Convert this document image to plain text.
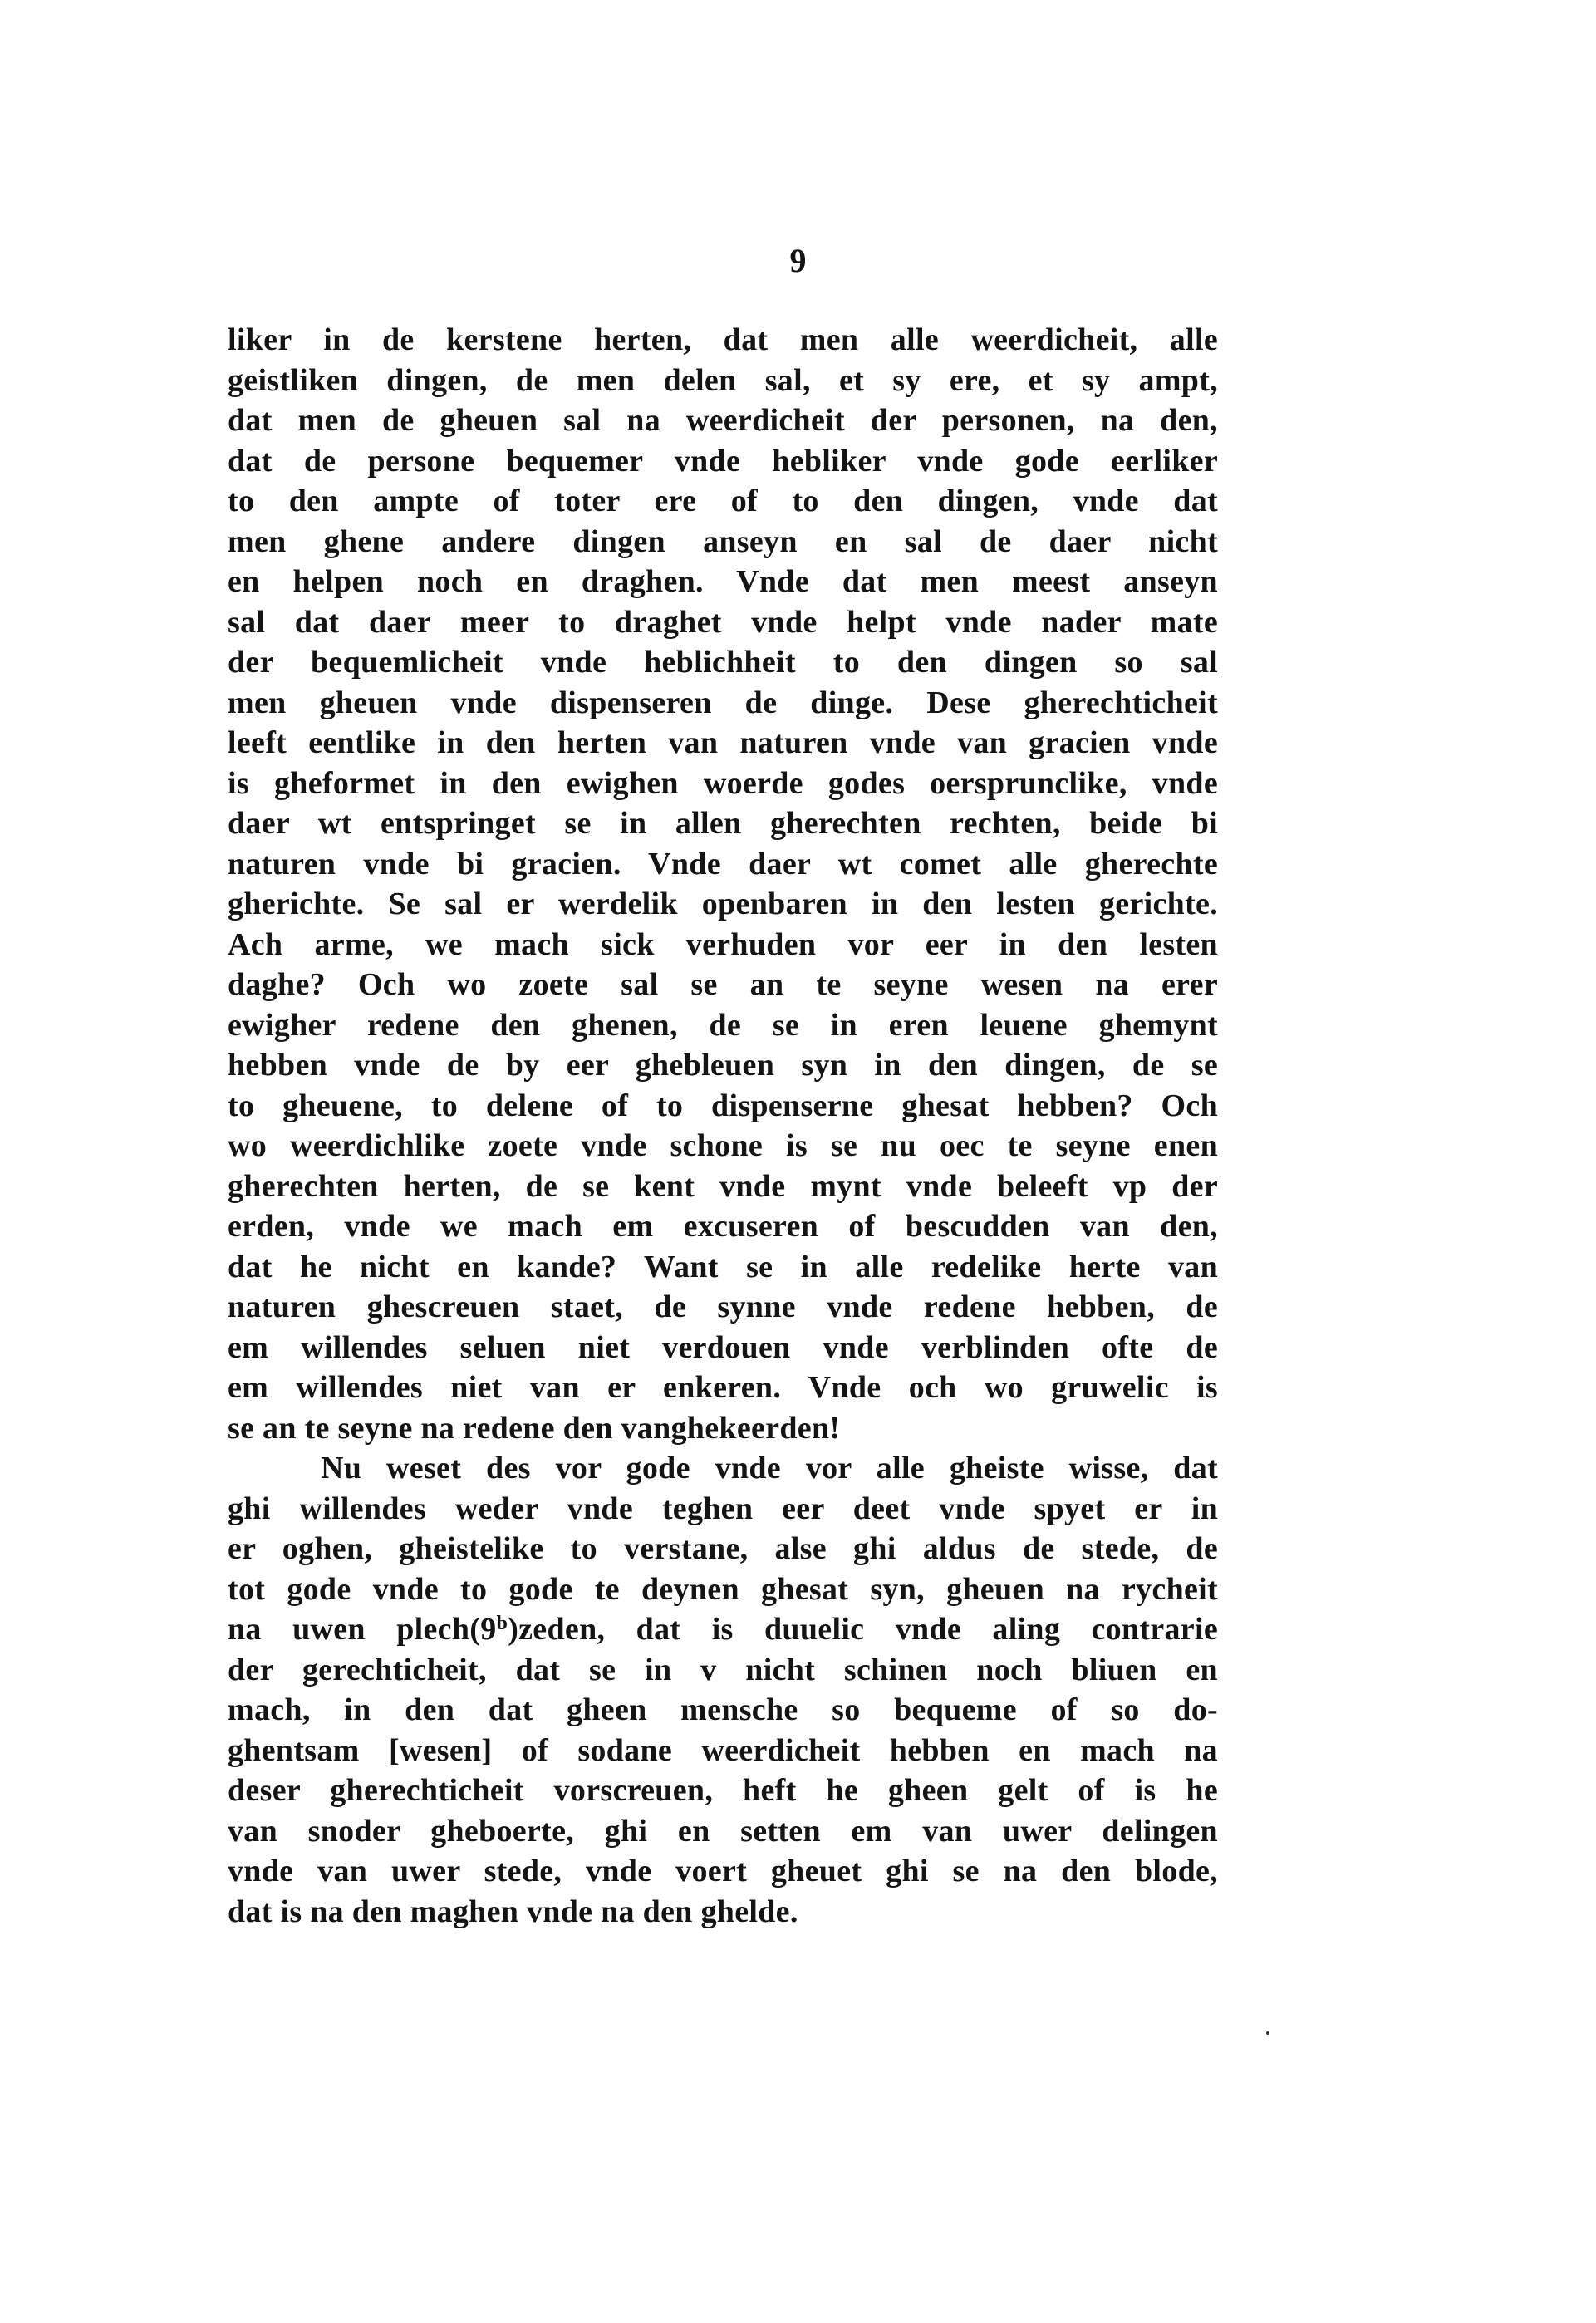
9
liker in de kerstene herten, dat men alle weerdicheit, alle
geistliken dingen, de men delen sal, et sy ere, et sy ampt,
dat men de gheuen sal na weerdicheit der personen, na den,
dat de persone bequemer vnde hebliker vnde gode eerliker
to den ampte of toter ere of to den dingen, vnde dat
men ghene andere dingen anseyn en sal de daer nicht
en helpen noch en draghen. Vnde dat men meest anseyn
sal dat daer meer to draghet vnde helpt vnde nader mate
der bequemlicheit vnde heblichheit to den dingen so sal
men gheuen vnde dispenseren de dinge. Dese gherechticheit
leeft eentlike in den herten van naturen vnde van gracien vnde
is gheformet in den ewighen woerde godes oersprunclike, vnde
daer wt entspringet se in allen gherechten rechten, beide bi
naturen vnde bi gracien. Vnde daer wt comet alle gherechte
gherichte. Se sal er werdelik openbaren in den lesten gerichte.
Ach arme, we mach sick verhuden vor eer in den lesten
daghe? Och wo zoete sal se an te seyne wesen na erer
ewigher redene den ghenen, de se in eren leuene ghemynt
hebben vnde de by eer ghebleuen syn in den dingen, de se
to gheuene, to delene of to dispenserne ghesat hebben? Och
wo weerdichlike zoete vnde schone is se nu oec te seyne enen
gherechten herten, de se kent vnde mynt vnde beleeft vp der
erden, vnde we mach em excuseren of bescudden van den,
dat he nicht en kande? Want se in alle redelike herte van
naturen ghescreuen staet, de synne vnde redene hebben, de
em willendes seluen niet verdouen vnde verblinden ofte de
em willendes niet van er enkeren. Vnde och wo gruwelic is
se an te seyne na redene den vanghekeerden!
Nu weset des vor gode vnde vor alle gheiste wisse, dat
ghi willendes weder vnde teghen eer deet vnde spyet er in
er oghen, gheistelike to verstane, alse ghi aldus de stede, de
tot gode vnde to gode te deynen ghesat syn, gheuen na rycheit
na uwen plech(9$^b$)zeden, dat is duuelic vnde aling contrarie
der gerechticheit, dat se in v nicht schinen noch bliuen en
mach, in den dat gheen mensche so bequeme of so do-
ghentsam [wesen] of sodane weerdicheit hebben en mach na
deser gherechticheit vorscreuen, heft he gheen gelt of is he
van snoder gheboerte, ghi en setten em van uwer delingen
vnde van uwer stede, vnde voert gheuet ghi se na den blode,
dat is na den maghen vnde na den ghelde.
